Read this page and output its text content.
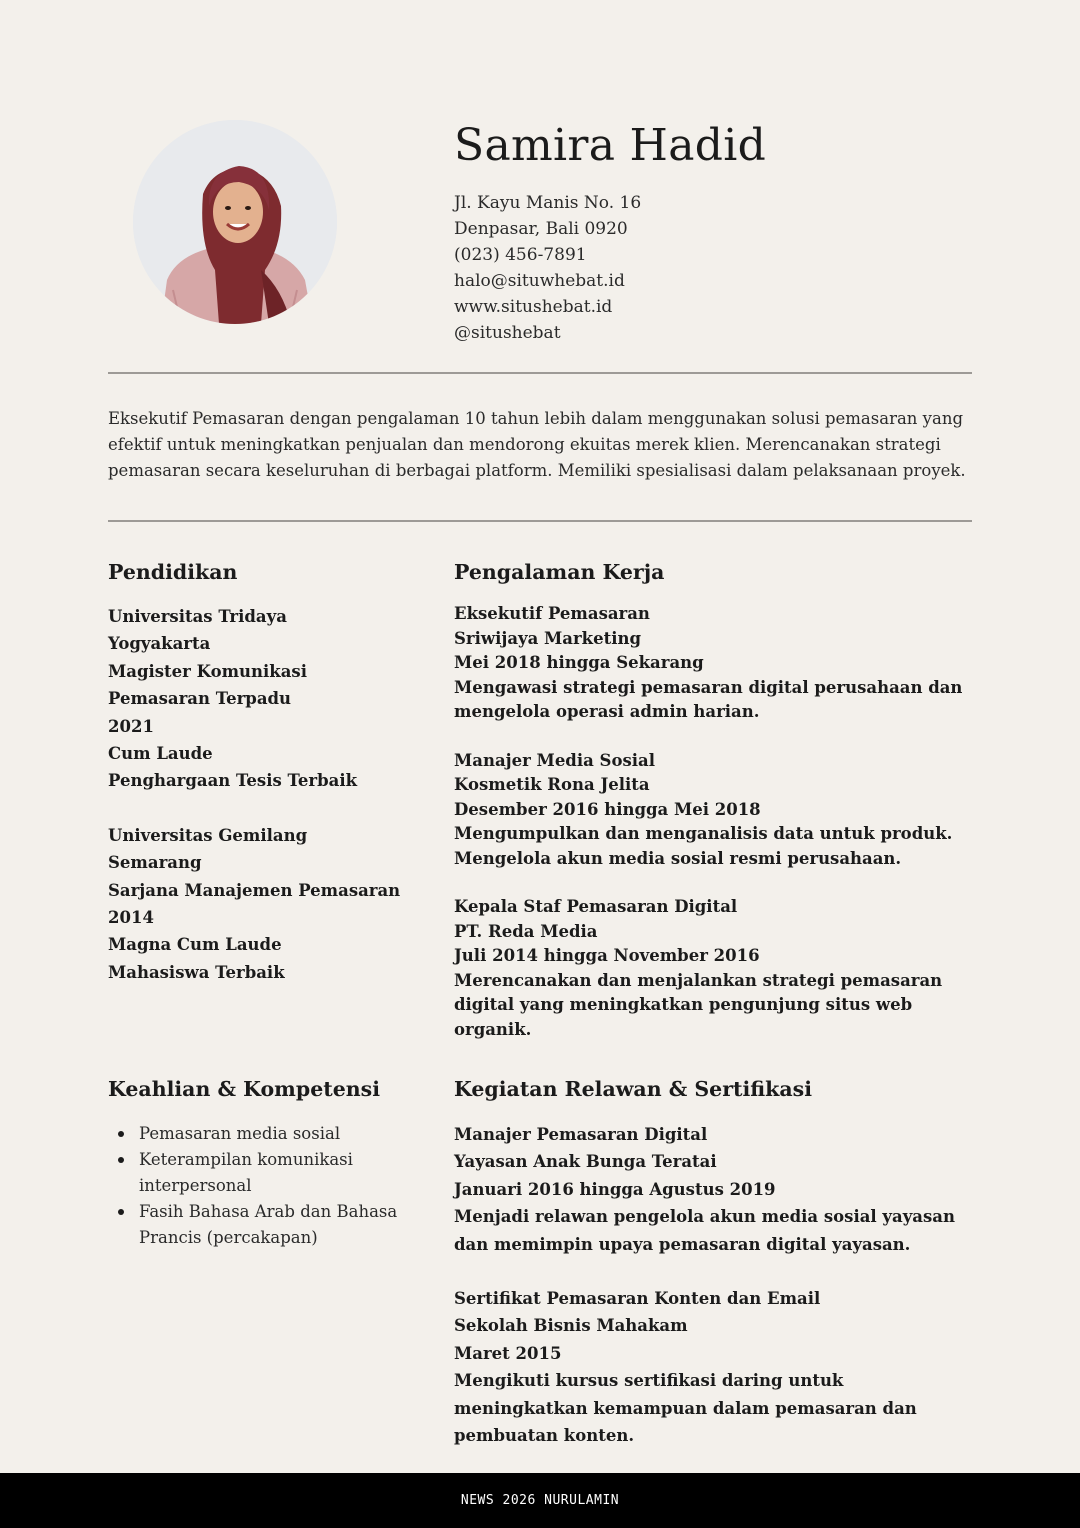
Samira Hadid
Jl. Kayu Manis No. 16
Denpasar, Bali 0920
(023) 456-7891
halo@situwhebat.id
www.situshebat.id
@situshebat

Eksekutif Pemasaran dengan pengalaman 10 tahun lebih dalam menggunakan solusi pemasaran yang efektif untuk meningkatkan penjualan dan mendorong ekuitas merek klien. Merencanakan strategi pemasaran secara keseluruhan di berbagai platform. Memiliki spesialisasi dalam pelaksanaan proyek.

Pendidikan
Universitas Tridaya
Yogyakarta
Magister Komunikasi
Pemasaran Terpadu
2021
Cum Laude
Penghargaan Tesis Terbaik
Universitas Gemilang
Semarang
Sarjana Manajemen Pemasaran
2014
Magna Cum Laude
Mahasiswa Terbaik
Pengalaman Kerja
Eksekutif Pemasaran
Sriwijaya Marketing
Mei 2018 hingga Sekarang
Mengawasi strategi pemasaran digital perusahaan dan mengelola operasi admin harian.
Manajer Media Sosial
Kosmetik Rona Jelita
Desember 2016 hingga Mei 2018
Mengumpulkan dan menganalisis data untuk produk.
Mengelola akun media sosial resmi perusahaan.
Kepala Staf Pemasaran Digital
PT. Reda Media
Juli 2014 hingga November 2016
Merencanakan dan menjalankan strategi pemasaran digital yang meningkatkan pengunjung situs web organik.
Keahlian & Kompetensi
Pemasaran media sosial
Keterampilan komunikasi interpersonal
Fasih Bahasa Arab dan Bahasa Prancis (percakapan)
Kegiatan Relawan & Sertifikasi
Manajer Pemasaran Digital
Yayasan Anak Bunga Teratai
Januari 2016 hingga Agustus 2019
Menjadi relawan pengelola akun media sosial yayasan dan memimpin upaya pemasaran digital yayasan.
Sertifikat Pemasaran Konten dan Email
Sekolah Bisnis Mahakam
Maret 2015
Mengikuti kursus sertifikasi daring untuk meningkatkan kemampuan dalam pemasaran dan pembuatan konten.
NEWS 2026 NURULAMIN
